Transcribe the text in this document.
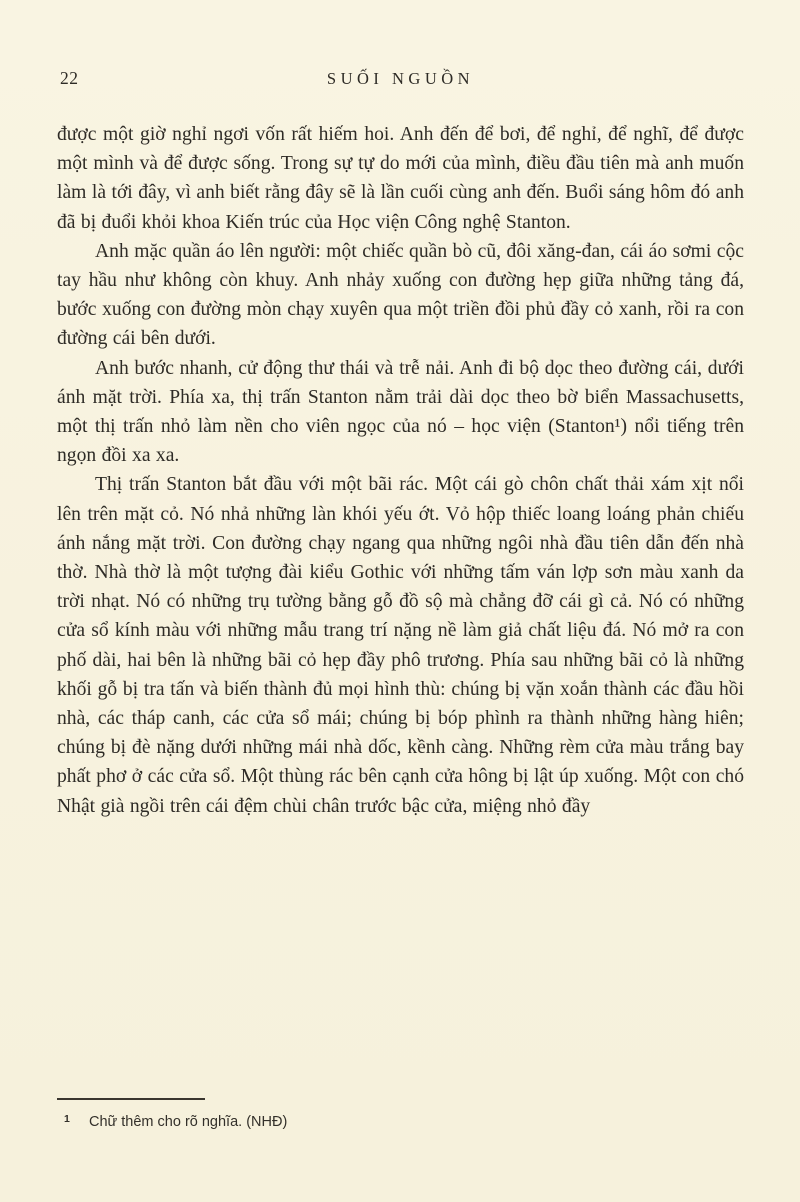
22	SUỐI NGUỒN

được một giờ nghỉ ngơi vốn rất hiếm hoi. Anh đến để bơi, để nghỉ, để nghĩ, để được một mình và để được sống. Trong sự tự do mới của mình, điều đầu tiên mà anh muốn làm là tới đây, vì anh biết rằng đây sẽ là lần cuối cùng anh đến. Buổi sáng hôm đó anh đã bị đuổi khỏi khoa Kiến trúc của Học viện Công nghệ Stanton.

Anh mặc quần áo lên người: một chiếc quần bò cũ, đôi xăng-đan, cái áo sơmi cộc tay hầu như không còn khuy. Anh nhảy xuống con đường hẹp giữa những tảng đá, bước xuống con đường mòn chạy xuyên qua một triền đồi phủ đầy cỏ xanh, rồi ra con đường cái bên dưới.

Anh bước nhanh, cử động thư thái và trễ nải. Anh đi bộ dọc theo đường cái, dưới ánh mặt trời. Phía xa, thị trấn Stanton nằm trải dài dọc theo bờ biển Massachusetts, một thị trấn nhỏ làm nền cho viên ngọc của nó – học viện (Stanton¹) nổi tiếng trên ngọn đồi xa xa.

Thị trấn Stanton bắt đầu với một bãi rác. Một cái gò chôn chất thải xám xịt nổi lên trên mặt cỏ. Nó nhả những làn khói yếu ớt. Vỏ hộp thiếc loang loáng phản chiếu ánh nắng mặt trời. Con đường chạy ngang qua những ngôi nhà đầu tiên dẫn đến nhà thờ. Nhà thờ là một tượng đài kiểu Gothic với những tấm ván lợp sơn màu xanh da trời nhạt. Nó có những trụ tường bằng gỗ đồ sộ mà chẳng đỡ cái gì cả. Nó có những cửa sổ kính màu với những mẫu trang trí nặng nề làm giả chất liệu đá. Nó mở ra con phố dài, hai bên là những bãi cỏ hẹp đầy phô trương. Phía sau những bãi cỏ là những khối gỗ bị tra tấn và biến thành đủ mọi hình thù: chúng bị vặn xoắn thành các đầu hồi nhà, các tháp canh, các cửa sổ mái; chúng bị bóp phình ra thành những hàng hiên; chúng bị đè nặng dưới những mái nhà dốc, kềnh càng. Những rèm cửa màu trắng bay phất phơ ở các cửa sổ. Một thùng rác bên cạnh cửa hông bị lật úp xuống. Một con chó Nhật già ngồi trên cái đệm chùi chân trước bậc cửa, miệng nhỏ đầy

1	Chữ thêm cho rõ nghĩa. (NHĐ)
